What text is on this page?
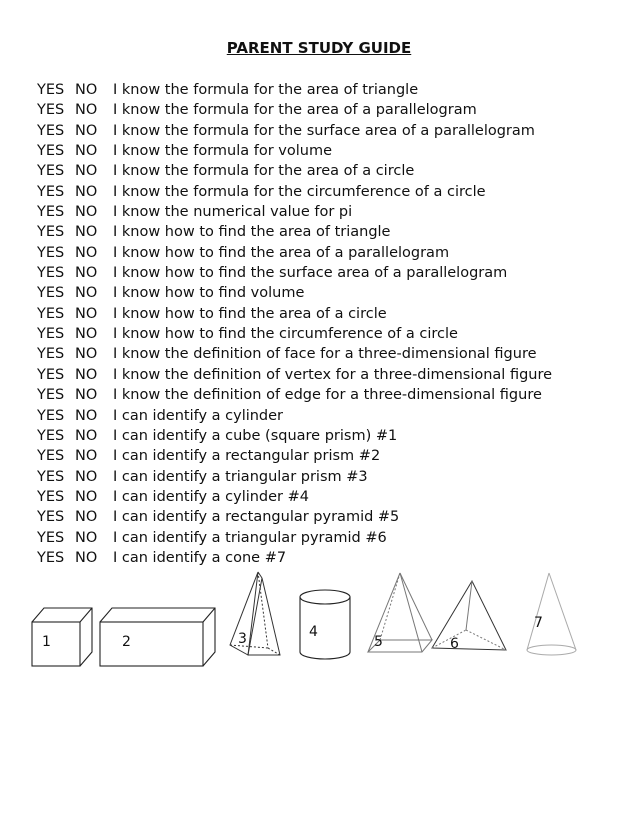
PARENT STUDY GUIDE
YES NO I know the formula for the area of triangle
YES NO I know the formula for the area of a parallelogram
YES NO I know the formula for the surface area of a parallelogram
YES NO I know the formula for volume
YES NO I know the formula for the area of a circle
YES NO I know the formula for the circumference of a circle
YES NO I know the numerical value for pi
YES NO I know how to find the area of triangle
YES NO I know how to find the area of a parallelogram
YES NO I know how to find the surface area of a parallelogram
YES NO I know how to find volume
YES NO I know how to find the area of a circle
YES NO I know how to find the circumference of a circle
YES NO I know the definition of face for a three-dimensional figure
YES NO I know the definition of vertex for a three-dimensional figure
YES NO I know the definition of edge for a three-dimensional figure
YES NO I can identify a cylinder
YES NO I can identify a cube (square prism) #1
YES NO I can identify a rectangular prism #2
YES NO I can identify a triangular prism #3
YES NO I can identify a cylinder #4
YES NO I can identify a rectangular pyramid #5
YES NO I can identify a triangular pyramid #6
YES NO I can identify a cone #7
1	2	3	4
5	6
7
